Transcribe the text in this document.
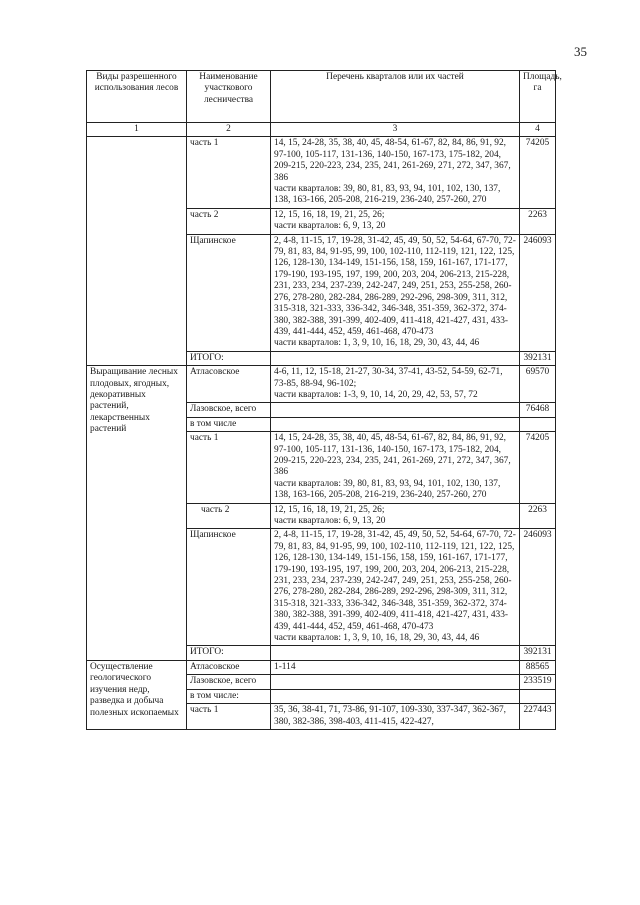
35
Виды разрешенного использования лесов	Наименование участкового лесничества	Перечень кварталов или их частей	Площадь, га
1	2	3	4
	часть 1	14, 15, 24-28, 35, 38, 40, 45, 48-54, 61-67, 82, 84, 86, 91, 92, 97-100, 105-117, 131-136, 140-150, 167-173, 175-182, 204, 209-215, 220-223, 234, 235, 241, 261-269, 271, 272, 347, 367, 386
части кварталов: 39, 80, 81, 83, 93, 94, 101, 102, 130, 137, 138, 163-166, 205-208, 216-219, 236-240, 257-260, 270	74205
	часть 2	12, 15, 16, 18, 19, 21, 25, 26;
части кварталов: 6, 9, 13, 20	2263
	Щапинское	2, 4-8, 11-15, 17, 19-28, 31-42, 45, 49, 50, 52, 54-64, 67-70, 72-79, 81, 83, 84, 91-95, 99, 100, 102-110, 112-119, 121, 122, 125, 126, 128-130, 134-149, 151-156, 158, 159, 161-167, 171-177, 179-190, 193-195, 197, 199, 200, 203, 204, 206-213, 215-228, 231, 233, 234, 237-239, 242-247, 249, 251, 253, 255-258, 260-276, 278-280, 282-284, 286-289, 292-296, 298-309, 311, 312, 315-318, 321-333, 336-342, 346-348, 351-359, 362-372, 374-380, 382-388, 391-399, 402-409, 411-418, 421-427, 431, 433-439, 441-444, 452, 459, 461-468, 470-473
части кварталов: 1, 3, 9, 10, 16, 18, 29, 30, 43, 44, 46	246093
	ИТОГО:		392131
Выращивание лесных плодовых, ягодных, декоративных растений, лекарственных растений	Атласовское	4-6, 11, 12, 15-18, 21-27, 30-34, 37-41, 43-52, 54-59, 62-71, 73-85, 88-94, 96-102;
части кварталов: 1-3, 9, 10, 14, 20, 29, 42, 53, 57, 72	69570
	Лазовское, всего		76468
	в том числе		
	часть 1	14, 15, 24-28, 35, 38, 40, 45, 48-54, 61-67, 82, 84, 86, 91, 92, 97-100, 105-117, 131-136, 140-150, 167-173, 175-182, 204, 209-215, 220-223, 234, 235, 241, 261-269, 271, 272, 347, 367, 386
части кварталов: 39, 80, 81, 83, 93, 94, 101, 102, 130, 137, 138, 163-166, 205-208, 216-219, 236-240, 257-260, 270	74205
	часть 2	12, 15, 16, 18, 19, 21, 25, 26;
части кварталов: 6, 9, 13, 20	2263
	Щапинское	2, 4-8, 11-15, 17, 19-28, 31-42, 45, 49, 50, 52, 54-64, 67-70, 72-79, 81, 83, 84, 91-95, 99, 100, 102-110, 112-119, 121, 122, 125, 126, 128-130, 134-149, 151-156, 158, 159, 161-167, 171-177, 179-190, 193-195, 197, 199, 200, 203, 204, 206-213, 215-228, 231, 233, 234, 237-239, 242-247, 249, 251, 253, 255-258, 260-276, 278-280, 282-284, 286-289, 292-296, 298-309, 311, 312, 315-318, 321-333, 336-342, 346-348, 351-359, 362-372, 374-380, 382-388, 391-399, 402-409, 411-418, 421-427, 431, 433-439, 441-444, 452, 459, 461-468, 470-473
части кварталов: 1, 3, 9, 10, 16, 18, 29, 30, 43, 44, 46	246093
	ИТОГО:		392131
Осуществление геологического изучения недр, разведка и добыча полезных ископаемых	Атласовское	1-114	88565
	Лазовское, всего		233519
	в том числе:		
	часть 1	35, 36, 38-41, 71, 73-86, 91-107, 109-330, 337-347, 362-367, 380, 382-386, 398-403, 411-415, 422-427,	227443
